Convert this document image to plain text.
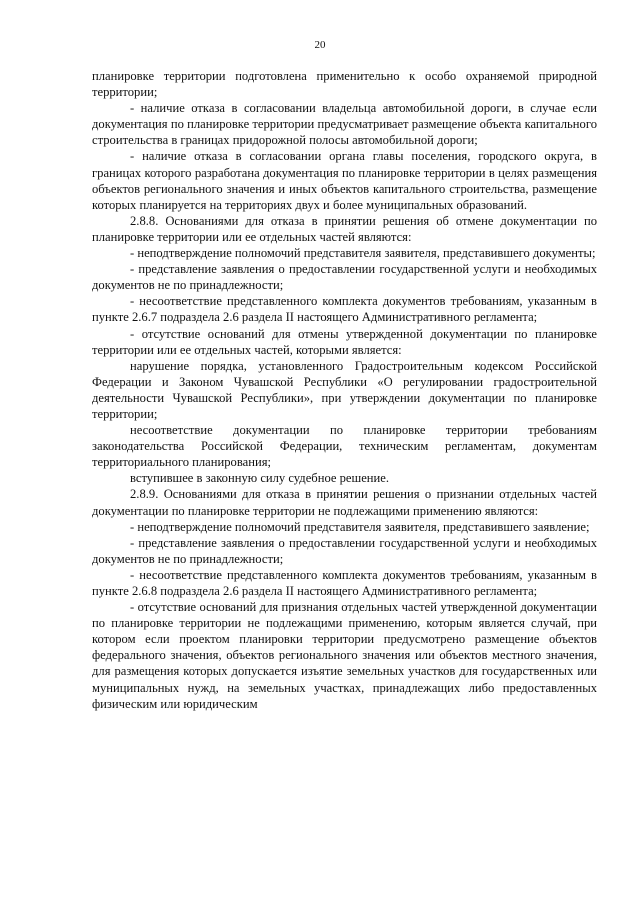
20

планировке территории подготовлена применительно к особо охраняемой природной территории;

- наличие отказа в согласовании владельца автомобильной дороги, в случае если документация по планировке территории предусматривает размещение объекта капитального строительства в границах придорожной полосы автомобильной дороги;

- наличие отказа в согласовании органа главы поселения, городского округа, в границах которого разработана документация по планировке территории в целях размещения объектов регионального значения и иных объектов капитального строительства, размещение которых планируется на территориях двух и более муниципальных образований.

2.8.8. Основаниями для отказа в принятии решения об отмене документации по планировке территории или ее отдельных частей являются:

- неподтверждение полномочий представителя заявителя, представившего документы;

- представление заявления о предоставлении государственной услуги и необходимых документов не по принадлежности;

- несоответствие представленного комплекта документов требованиям, указанным в пункте 2.6.7 подраздела 2.6 раздела II настоящего Административного регламента;

- отсутствие оснований для отмены утвержденной документации по планировке территории или ее отдельных частей, которыми является:

нарушение порядка, установленного Градостроительным кодексом Российской Федерации и Законом Чувашской Республики «О регулировании градостроительной деятельности Чувашской Республики», при утверждении документации по планировке территории;

несоответствие документации по планировке территории требованиям законодательства Российской Федерации, техническим регламентам, документам территориального планирования;

вступившее в законную силу судебное решение.

2.8.9. Основаниями для отказа в принятии решения о признании отдельных частей документации по планировке территории не подлежащими применению являются:

- неподтверждение полномочий представителя заявителя, представившего заявление;

- представление заявления о предоставлении государственной услуги и необходимых документов не по принадлежности;

- несоответствие представленного комплекта документов требованиям, указанным в пункте 2.6.8 подраздела 2.6 раздела II настоящего Административного регламента;

- отсутствие оснований для признания отдельных частей утвержденной документации по планировке территории не подлежащими применению, которым является случай, при котором если проектом планировки территории предусмотрено размещение объектов федерального значения, объектов регионального значения или объектов местного значения, для размещения которых допускается изъятие земельных участков для государственных или муниципальных нужд, на земельных участках, принадлежащих либо предоставленных физическим или юридическим
